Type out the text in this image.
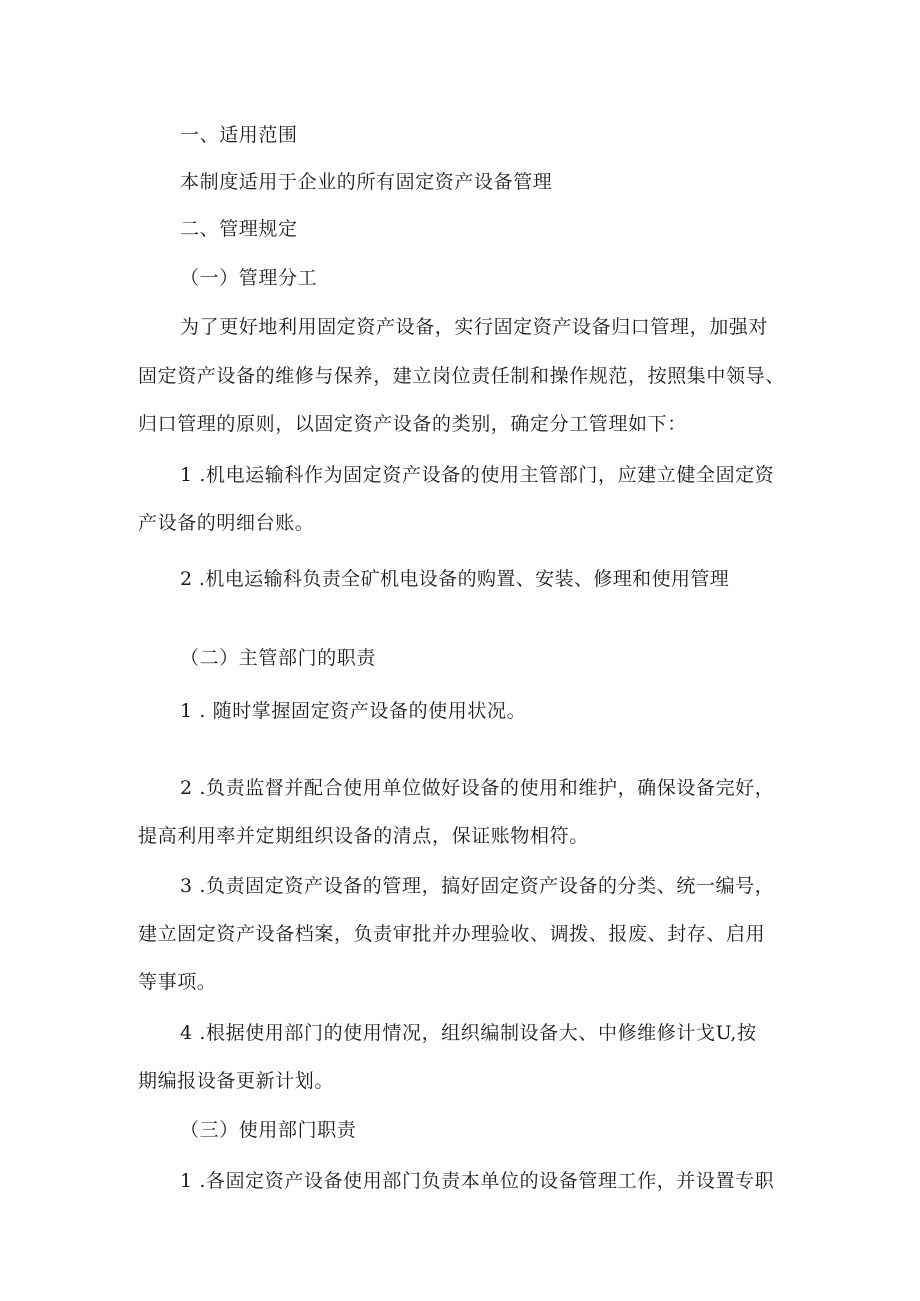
一、适用范围
本制度适用于企业的所有固定资产设备管理
二、管理规定
（一）管理分工
为了更好地利用固定资产设备，实行固定资产设备归口管理，加强对
固定资产设备的维修与保养，建立岗位责任制和操作规范，按照集中领导、
归口管理的原则，以固定资产设备的类别，确定分工管理如下：
1 .机电运输科作为固定资产设备的使用主管部门，应建立健全固定资
产设备的明细台账。
2 .机电运输科负责全矿机电设备的购置、安装、修理和使用管理
（二）主管部门的职责
1 . 随时掌握固定资产设备的使用状况。
2 .负责监督并配合使用单位做好设备的使用和维护，确保设备完好，
提高利用率并定期组织设备的清点，保证账物相符。
3 .负责固定资产设备的管理，搞好固定资产设备的分类、统一编号，
建立固定资产设备档案，负责审批并办理验收、调拨、报废、封存、启用
等事项。
4 .根据使用部门的使用情况，组织编制设备大、中修维修计戈U,按
期编报设备更新计划。
（三）使用部门职责
1 .各固定资产设备使用部门负责本单位的设备管理工作，并设置专职
